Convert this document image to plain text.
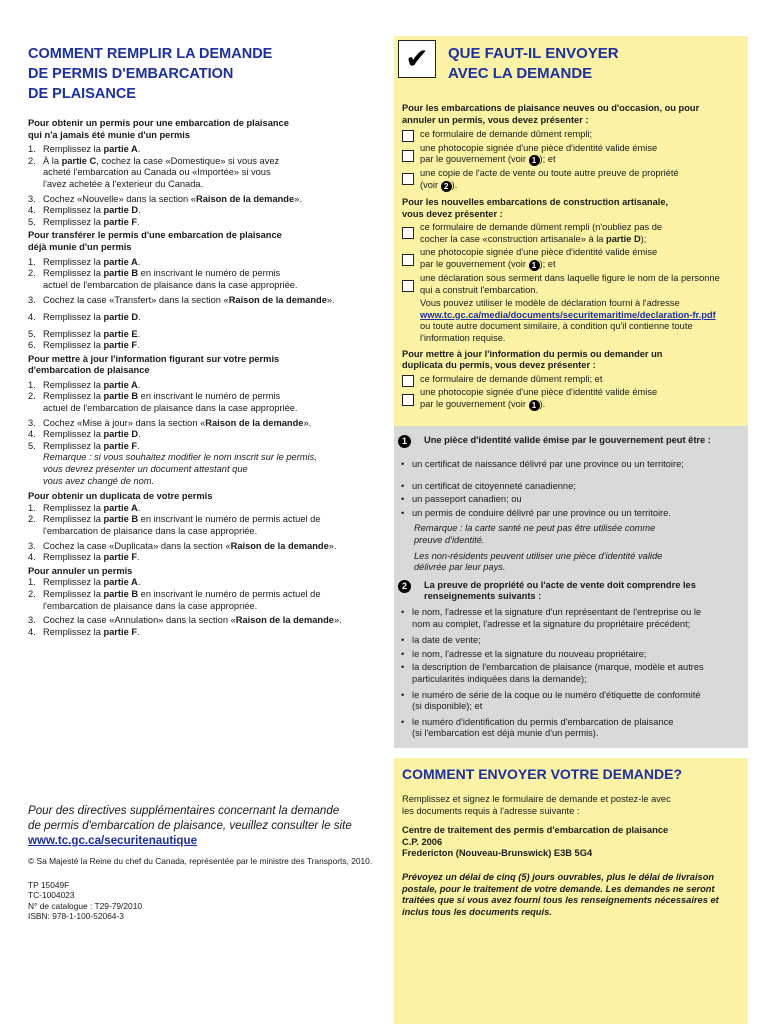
COMMENT REMPLIR LA DEMANDE

DE PERMIS D'EMBARCATION

DE PLAISANCE

Pour obtenir un permis pour une embarcation de plaisance

qui n'a jamais été munie d'un permis

1. Remplissez la partie A.
2. À la partie C, cochez la case «Domestique» si vous avez
acheté l'embarcation au Canada ou «Importée» si vous
l'avez achetée à l'exterieur du Canada.
3. Cochez «Nouvelle» dans la section «Raison de la demande».
4. Remplissez la partie D.
5. Remplissez la partie F.

Pour transférer le permis d'une embarcation de plaisance

déjà munie d'un permis

1. Remplissez la partie A.
2. Remplissez la partie B en inscrivant le numéro de permis
actuel de l'embarcation de plaisance dans la case appropriée.
3. Cochez la case «Transfert» dans la section «Raison de la demande».
4. Remplissez la partie D.
5. Remplissez la partie E.
6. Remplissez la partie F.

Pour mettre à jour l'information figurant sur votre permis

d'embarcation de plaisance

1. Remplissez la partie A.
2. Remplissez la partie B en inscrivant le numéro de permis
actuel de l'embarcation de plaisance dans la case appropriée.
3. Cochez «Mise à jour» dans la section «Raison de la demande».
4. Remplissez la partie D.
5. Remplissez la partie F.

Remarque : si vous souhaitez modifier le nom inscrit sur le permis,

vous devrez présenter un document attestant que

vous avez changé de nom.

Pour obtenir un duplicata de votre permis

1. Remplissez la partie A.
2. Remplissez la partie B en inscrivant le numéro de permis actuel de
l'embarcation de plaisance dans la case appropriée.
3. Cochez la case «Duplicata» dans la section «Raison de la demande».
4. Remplissez la partie F.

Pour annuler un permis

1. Remplissez la partie A.
2. Remplissez la partie B en inscrivant le numéro de permis actuel de
l'embarcation de plaisance dans la case appropriée.
3. Cochez la case «Annulation» dans la section «Raison de la demande».
4. Remplissez la partie F.

Pour des directives supplémentaires concernant la demande

de permis d'embarcation de plaisance, veuillez consulter le site

www.tc.gc.ca/securitenautique

© Sa Majesté la Reine du chef du Canada, représentée par le ministre des Transports, 2010.

TP 15049F

TC-1004023

N° de catalogue : T29-79/2010

ISBN: 978-1-100-52064-3

✔	QUE FAUT-IL ENVOYER

AVEC LA DEMANDE

Pour les embarcations de plaisance neuves ou d'occasion, ou pour

annuler un permis, vous devez présenter :

ce formulaire de demande dûment rempli;
une photocopie signée d'une pièce d'identité valide émise
par le gouvernement (voir 1 ); et
une copie de l'acte de vente ou toute autre preuve de propriété
(voir 2 ).

Pour les nouvelles embarcations de construction artisanale,

vous devez présenter :

ce formulaire de demande dûment rempli (n'oubliez pas de
cocher la case «construction artisanale» à la partie D);
une photocopie signée d'une pièce d'identité valide émise
par le gouvernement (voir 1 ); et
une déclaration sous serment dans laquelle figure le nom de la personne
qui a construit l'embarcation.

Vous pouvez utiliser le modèle de déclaration fourni à l'adresse

www.tc.gc.ca/media/documents/securitemaritime/declaration-fr.pdf

ou toute autre document similaire, à condition qu'il contienne toute

l'information requise.

Pour mettre à jour l'information du permis ou demander un

duplicata du permis, vous devez présenter :

ce formulaire de demande dûment rempli; et
une photocopie signée d'une pièce d'identité valide émise
par le gouvernement (voir 1 ).
1	Une pièce d'identité valide émise par le gouvernement peut être :

• un certificat de naissance délivré par une province ou un territoire;
• un certificat de citoyenneté canadienne;
• un passeport canadien; ou
• un permis de conduire délivré par une province ou un territoire.

Remarque : la carte santé ne peut pas être utilisée comme

preuve d'identité.

Les non-résidents peuvent utiliser une pièce d'identité valide

délivrée par leur pays.

2	La preuve de propriété ou l'acte de vente doit comprendre les

renseignements suivants :

• le nom, l'adresse et la signature d'un représentant de l'entreprise ou le
nom au complet, l'adresse et la signature du propriétaire précédent;
• la date de vente;
• le nom, l'adresse et la signature du nouveau propriétaire;
• la description de l'embarcation de plaisance (marque, modèle et autres
particularités indiquées dans la demande);
• le numéro de série de la coque ou le numéro d'étiquette de conformité
(si disponible); et
• le numéro d'identification du permis d'embarcation de plaisance
(si l'embarcation est déjà munie d'un permis).

COMMENT ENVOYER VOTRE DEMANDE?

Remplissez et signez le formulaire de demande et postez-le avec

les documents requis à l'adresse suivante :

Centre de traitement des permis d'embarcation de plaisance

C.P. 2006

Fredericton (Nouveau-Brunswick) E3B 5G4

Prévoyez un délai de cinq (5) jours ouvrables, plus le délai de livraison

postale, pour le traitement de votre demande. Les demandes ne seront

traitées que si vous avez fourni tous les renseignements nécessaires et

inclus tous les documents requis.
